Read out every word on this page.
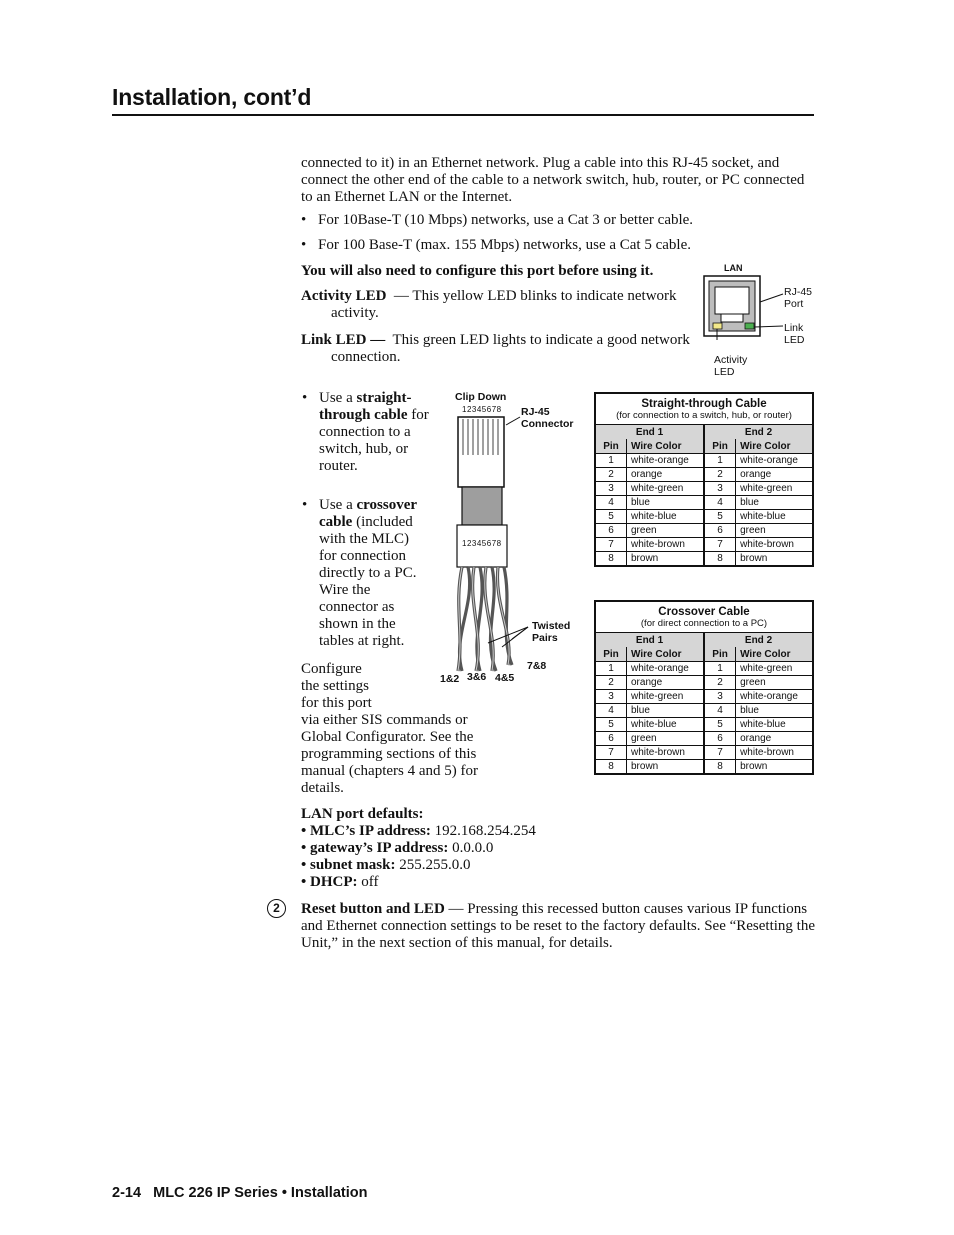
Installation, cont’d
connected to it) in an Ethernet network. Plug a cable into this RJ-45 socket, and connect the other end of the cable to a network switch, hub, router, or PC connected to an Ethernet LAN or the Internet.
• For 10Base-T (10 Mbps) networks, use a Cat 3 or better cable.
• For 100 Base-T (max. 155 Mbps) networks, use a Cat 5 cable.
You will also need to configure this port before using it.
Activity LED — This yellow LED blinks to indicate network activity.
Link LED — This green LED lights to indicate a good network connection.
LAN
RJ-45
Port
Link
LED
Activity
LED
• Use a straight-through cable for connection to a switch, hub, or router.
• Use a crossover cable (included with the MLC) for connection directly to a PC. Wire the connector as shown in the tables at right.
Configure
the settings
for this port
via either SIS commands or Global Configurator. See the programming sections of this manual (chapters 4 and 5) for details.
Clip Down
12345678 RJ-45
Connector
12345678
Twisted
Pairs
1&2 3&6 4&5
7&8
Straight-through Cable
(for connection to a switch, hub, or router)
End 1		End 2	
Pin	Wire Color	Pin	Wire Color
1	white-orange	1	white-orange
2	orange	2	orange
3	white-green	3	white-green
4	blue	4	blue
5	white-blue	5	white-blue
6	green	6	green
7	white-brown	7	white-brown
8	brown	8	brown
Crossover Cable
(for direct connection to a PC)
End 1		End 2	
Pin	Wire Color	Pin	Wire Color
1	white-orange	1	white-green
2	orange	2	green
3	white-green	3	white-orange
4	blue	4	blue
5	white-blue	5	white-blue
6	green	6	orange
7	white-brown	7	white-brown
8	brown	8	brown
LAN port defaults:
• MLC’s IP address: 192.168.254.254
• gateway’s IP address: 0.0.0.0
• subnet mask: 255.255.0.0
• DHCP: off
2	Reset button and LED — Pressing this recessed button causes various IP functions and Ethernet connection settings to be reset to the factory defaults. See “Resetting the Unit,” in the next section of this manual, for details.
2-14 MLC 226 IP Series • Installation
